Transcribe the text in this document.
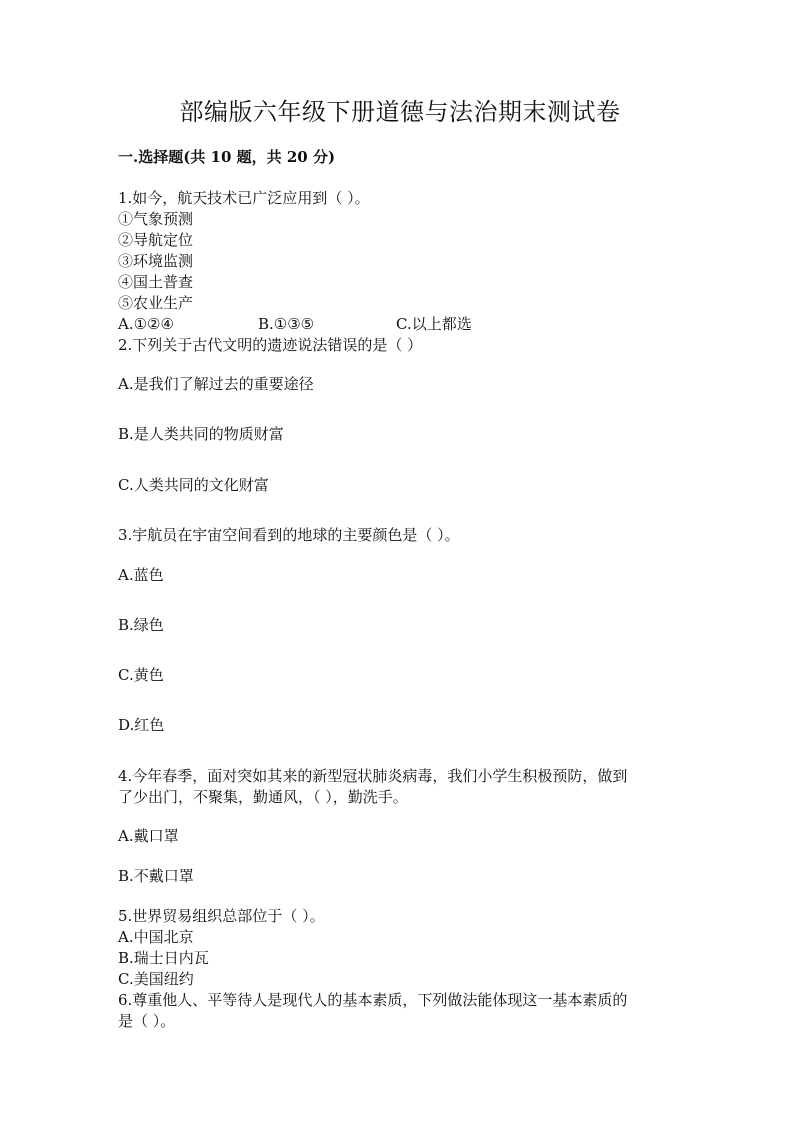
部编版六年级下册道德与法治期末测试卷
一.选择题(共 10 题，共 20 分)
1.如今，航天技术已广泛应用到（ ）。
①气象预测
②导航定位
③环境监测
④国土普查
⑤农业生产
A.①②④	B.①③⑤	C.以上都选
2.下列关于古代文明的遗迹说法错误的是（ ）
A.是我们了解过去的重要途径
B.是人类共同的物质财富
C.人类共同的文化财富
3.宇航员在宇宙空间看到的地球的主要颜色是（ ）。
A.蓝色
B.绿色
C.黄色
D.红色
4.今年春季，面对突如其来的新型冠状肺炎病毒，我们小学生积极预防，做到
了少出门，不聚集，勤通风，（ ），勤洗手。
A.戴口罩
B.不戴口罩
5.世界贸易组织总部位于（ ）。
A.中国北京
B.瑞士日内瓦
C.美国纽约
6.尊重他人、平等待人是现代人的基本素质，下列做法能体现这一基本素质的
是（ ）。
